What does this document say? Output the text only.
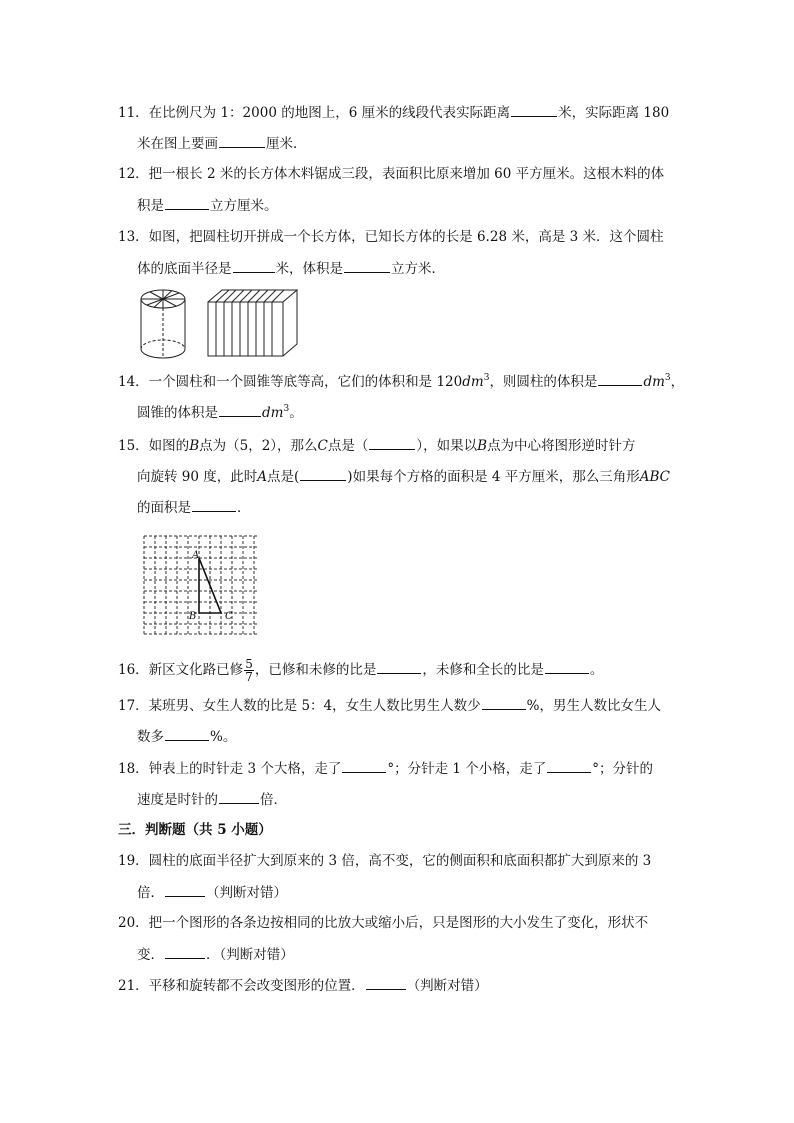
11．在比例尺为 1：2000 的地图上，6 厘米的线段代表实际距离	米，实际距离 180
米在图上要画	厘米．
12．把一根长 2 米的长方体木料锯成三段，表面积比原来增加 60 平方厘米。这根木料的体
积是	立方厘米。
13．如图，把圆柱切开拼成一个长方体，已知长方体的长是 6.28 米，高是 3 米．这个圆柱
体的底面半径是	米，体积是	立方米．
14．一个圆柱和一个圆锥等底等高，它们的体积和是 $120dm^3$，则圆柱的体积是	$dm^3$，
圆锥的体积是	$dm^3$。
15．如图的B点为（5，2），那么C点是（	），如果以B点为中心将图形逆时针方
向旋转 90 度，此时A点是(	)如果每个方格的面积是 4 平方厘米，那么三角形ABC
的面积是	．
A
B	C
16．新区文化路已修 $\frac{5}{7}$ ，已修和未修的比是	，未修和全长的比是	。
17．某班男、女生人数的比是 5：4，女生人数比男生人数少	%，男生人数比女生人
数多	%。
18．钟表上的时针走 3 个大格，走了	°；分针走 1 个小格，走了	°；分针的
速度是时针的	倍．
三．判断题（共 5 小题）
19．圆柱的底面半径扩大到原来的 3 倍，高不变，它的侧面积和底面积都扩大到原来的 3
倍．	（判断对错）
20．把一个图形的各条边按相同的比放大或缩小后，只是图形的大小发生了变化，形状不
变．	．（判断对错）
21．平移和旋转都不会改变图形的位置．	（判断对错）
